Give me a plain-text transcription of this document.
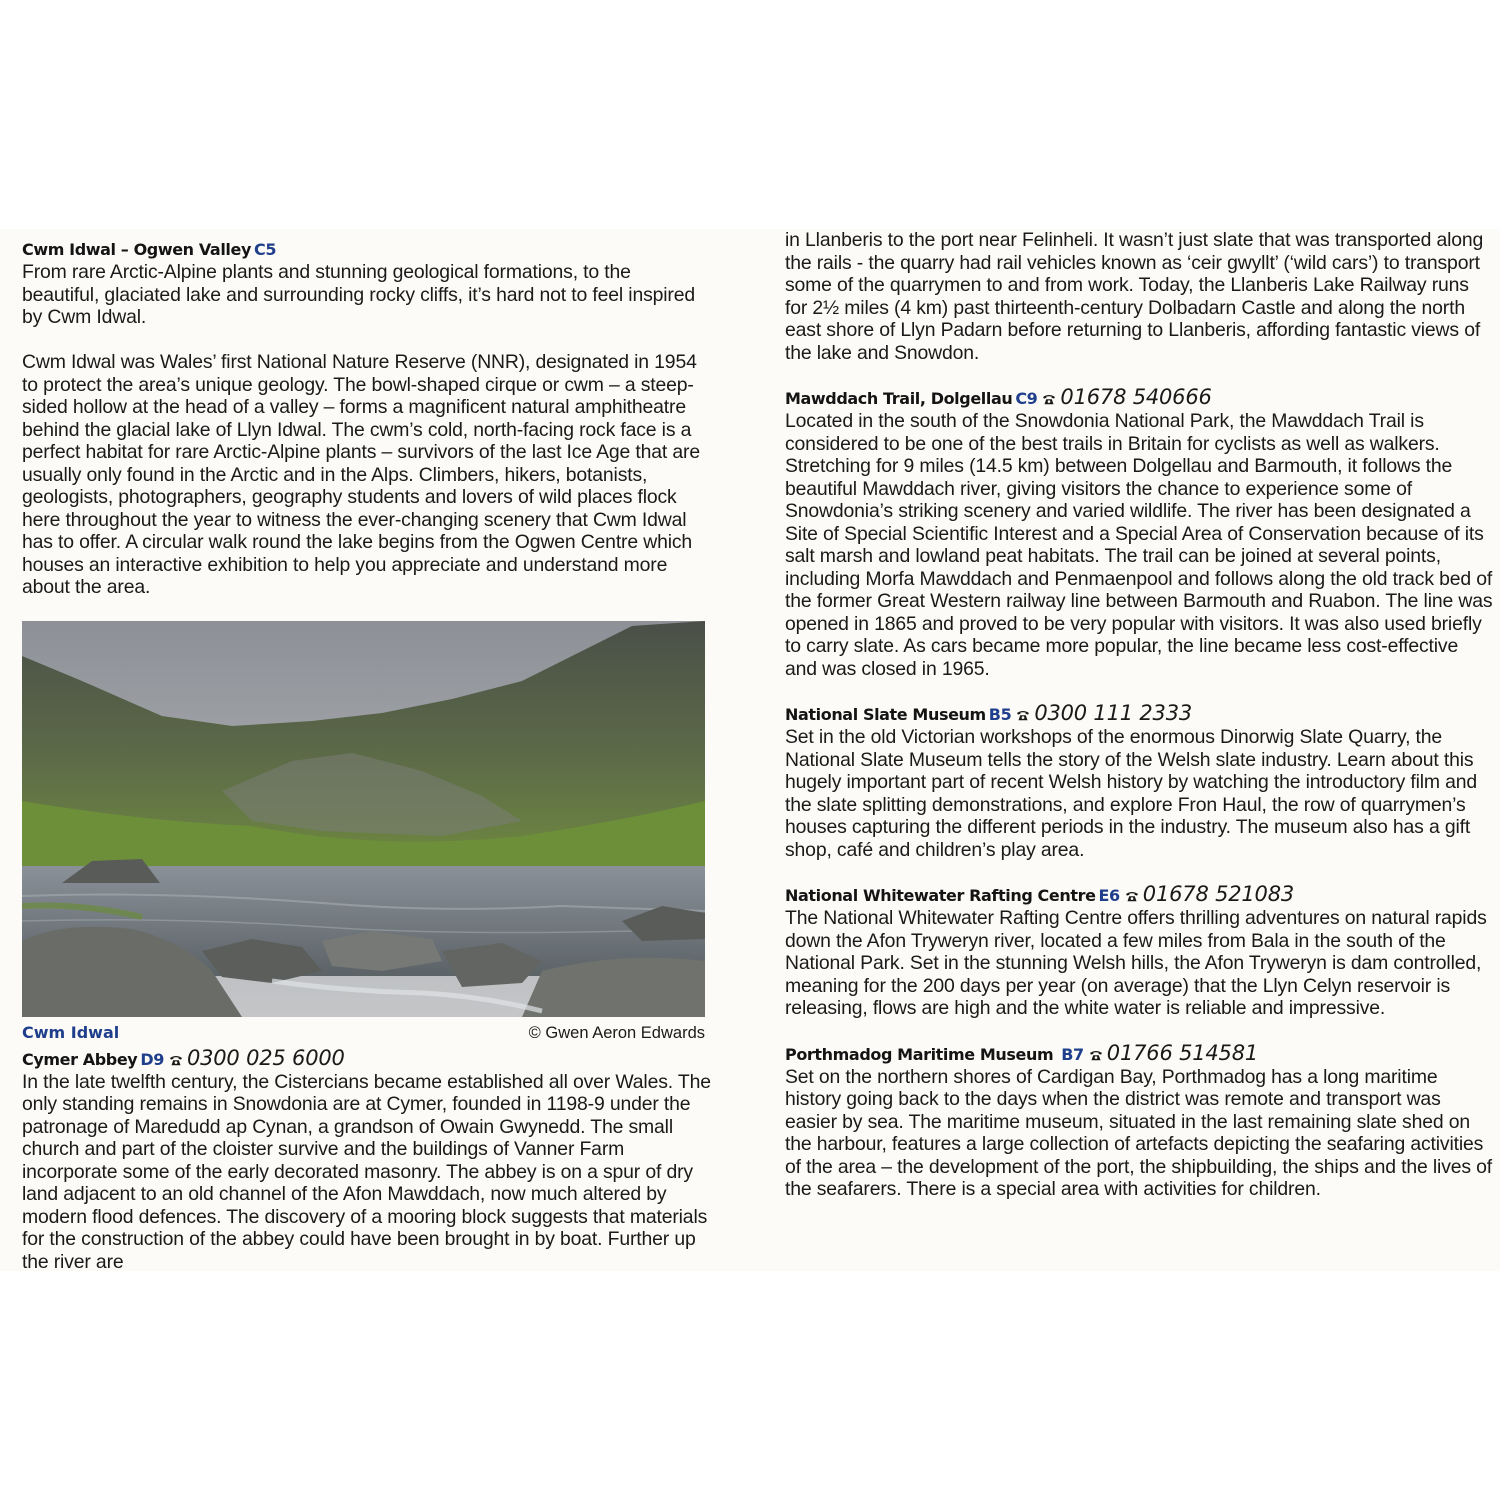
Cwm Idwal – Ogwen Valley C5

From rare Arctic-Alpine plants and stunning geological formations, to the beautiful, glaciated lake and surrounding rocky cliffs, it’s hard not to feel inspired by Cwm Idwal.

Cwm Idwal was Wales’ first National Nature Reserve (NNR), designated in 1954 to protect the area’s unique geology. The bowl-shaped cirque or cwm – a steep-sided hollow at the head of a valley – forms a magnificent natural amphitheatre behind the glacial lake of Llyn Idwal. The cwm’s cold, north-facing rock face is a perfect habitat for rare Arctic-Alpine plants – survivors of the last Ice Age that are usually only found in the Arctic and in the Alps. Climbers, hikers, botanists, geologists, photographers, geography students and lovers of wild places flock here throughout the year to witness the ever-changing scenery that Cwm Idwal has to offer. A circular walk round the lake begins from the Ogwen Centre which houses an interactive exhibition to help you appreciate and understand more about the area.

Cwm Idwal	© Gwen Aeron Edwards
Cymer Abbey D9 0300 025 6000

In the late twelfth century, the Cistercians became established all over Wales. The only standing remains in Snowdonia are at Cymer, founded in 1198-9 under the patronage of Maredudd ap Cynan, a grandson of Owain Gwynedd. The small church and part of the cloister survive and the buildings of Vanner Farm incorporate some of the early decorated masonry. The abbey is on a spur of dry land adjacent to an old channel of the Afon Mawddach, now much altered by modern flood defences. The discovery of a mooring block suggests that materials for the construction of the abbey could have been brought in by boat. Further up the river are

in Llanberis to the port near Felinheli. It wasn’t just slate that was transported along the rails - the quarry had rail vehicles known as ‘ceir gwyllt’ (‘wild cars’) to transport some of the quarrymen to and from work. Today, the Llanberis Lake Railway runs for 2½ miles (4 km) past thirteenth-century Dolbadarn Castle and along the north east shore of Llyn Padarn before returning to Llanberis, affording fantastic views of the lake and Snowdon.

Mawddach Trail, Dolgellau C9 01678 540666

Located in the south of the Snowdonia National Park, the Mawddach Trail is considered to be one of the best trails in Britain for cyclists as well as walkers. Stretching for 9 miles (14.5 km) between Dolgellau and Barmouth, it follows the beautiful Mawddach river, giving visitors the chance to experience some of Snowdonia’s striking scenery and varied wildlife. The river has been designated a Site of Special Scientific Interest and a Special Area of Conservation because of its salt marsh and lowland peat habitats. The trail can be joined at several points, including Morfa Mawddach and Penmaenpool and follows along the old track bed of the former Great Western railway line between Barmouth and Ruabon. The line was opened in 1865 and proved to be very popular with visitors. It was also used briefly to carry slate. As cars became more popular, the line became less cost-effective and was closed in 1965.

National Slate Museum B5 0300 111 2333

Set in the old Victorian workshops of the enormous Dinorwig Slate Quarry, the National Slate Museum tells the story of the Welsh slate industry. Learn about this hugely important part of recent Welsh history by watching the introductory film and the slate splitting demonstrations, and explore Fron Haul, the row of quarrymen’s houses capturing the different periods in the industry. The museum also has a gift shop, café and children’s play area.

National Whitewater Rafting Centre E6 01678 521083

The National Whitewater Rafting Centre offers thrilling adventures on natural rapids down the Afon Tryweryn river, located a few miles from Bala in the south of the National Park. Set in the stunning Welsh hills, the Afon Tryweryn is dam controlled, meaning for the 200 days per year (on average) that the Llyn Celyn reservoir is releasing, flows are high and the white water is reliable and impressive.

Porthmadog Maritime Museum B7 01766 514581

Set on the northern shores of Cardigan Bay, Porthmadog has a long maritime history going back to the days when the district was remote and transport was easier by sea. The maritime museum, situated in the last remaining slate shed on the harbour, features a large collection of artefacts depicting the seafaring activities of the area – the development of the port, the shipbuilding, the ships and the lives of the seafarers. There is a special area with activities for children.
